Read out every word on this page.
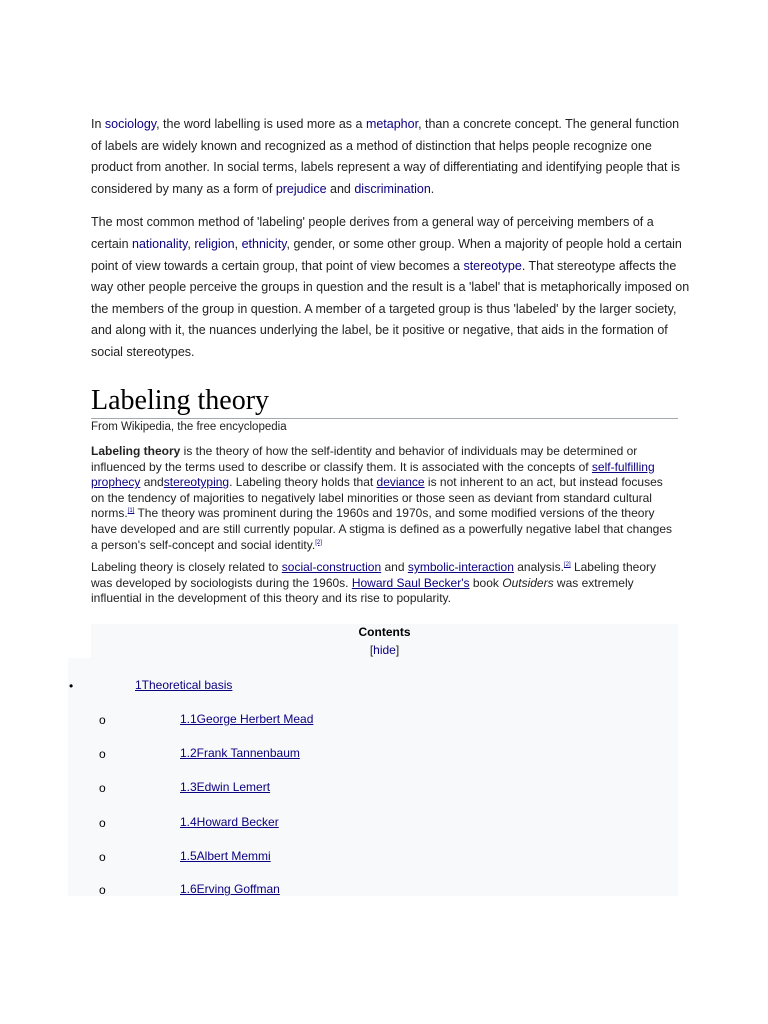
In sociology, the word labelling is used more as a metaphor, than a concrete concept. The general function of labels are widely known and recognized as a method of distinction that helps people recognize one product from another. In social terms, labels represent a way of differentiating and identifying people that is considered by many as a form of prejudice and discrimination.

The most common method of 'labeling' people derives from a general way of perceiving members of a certain nationality, religion, ethnicity, gender, or some other group. When a majority of people hold a certain point of view towards a certain group, that point of view becomes a stereotype. That stereotype affects the way other people perceive the groups in question and the result is a 'label' that is metaphorically imposed on the members of the group in question. A member of a targeted group is thus 'labeled' by the larger society, and along with it, the nuances underlying the label, be it positive or negative, that aids in the formation of social stereotypes.

Labeling theory
From Wikipedia, the free encyclopedia

Labeling theory is the theory of how the self-identity and behavior of individuals may be determined or influenced by the terms used to describe or classify them. It is associated with the concepts of self-fulfilling prophecy andstereotyping. Labeling theory holds that deviance is not inherent to an act, but instead focuses on the tendency of majorities to negatively label minorities or those seen as deviant from standard cultural norms.[1] The theory was prominent during the 1960s and 1970s, and some modified versions of the theory have developed and are still currently popular. A stigma is defined as a powerfully negative label that changes a person's self-concept and social identity.[2]

Labeling theory is closely related to social-construction and symbolic-interaction analysis.[2] Labeling theory was developed by sociologists during the 1960s. Howard Saul Becker's book Outsiders was extremely influential in the development of this theory and its rise to popularity.

Contents
[hide]
•	1Theoretical basis
o	1.1George Herbert Mead
o	1.2Frank Tannenbaum
o	1.3Edwin Lemert
o	1.4Howard Becker
o	1.5Albert Memmi
o	1.6Erving Goffman
